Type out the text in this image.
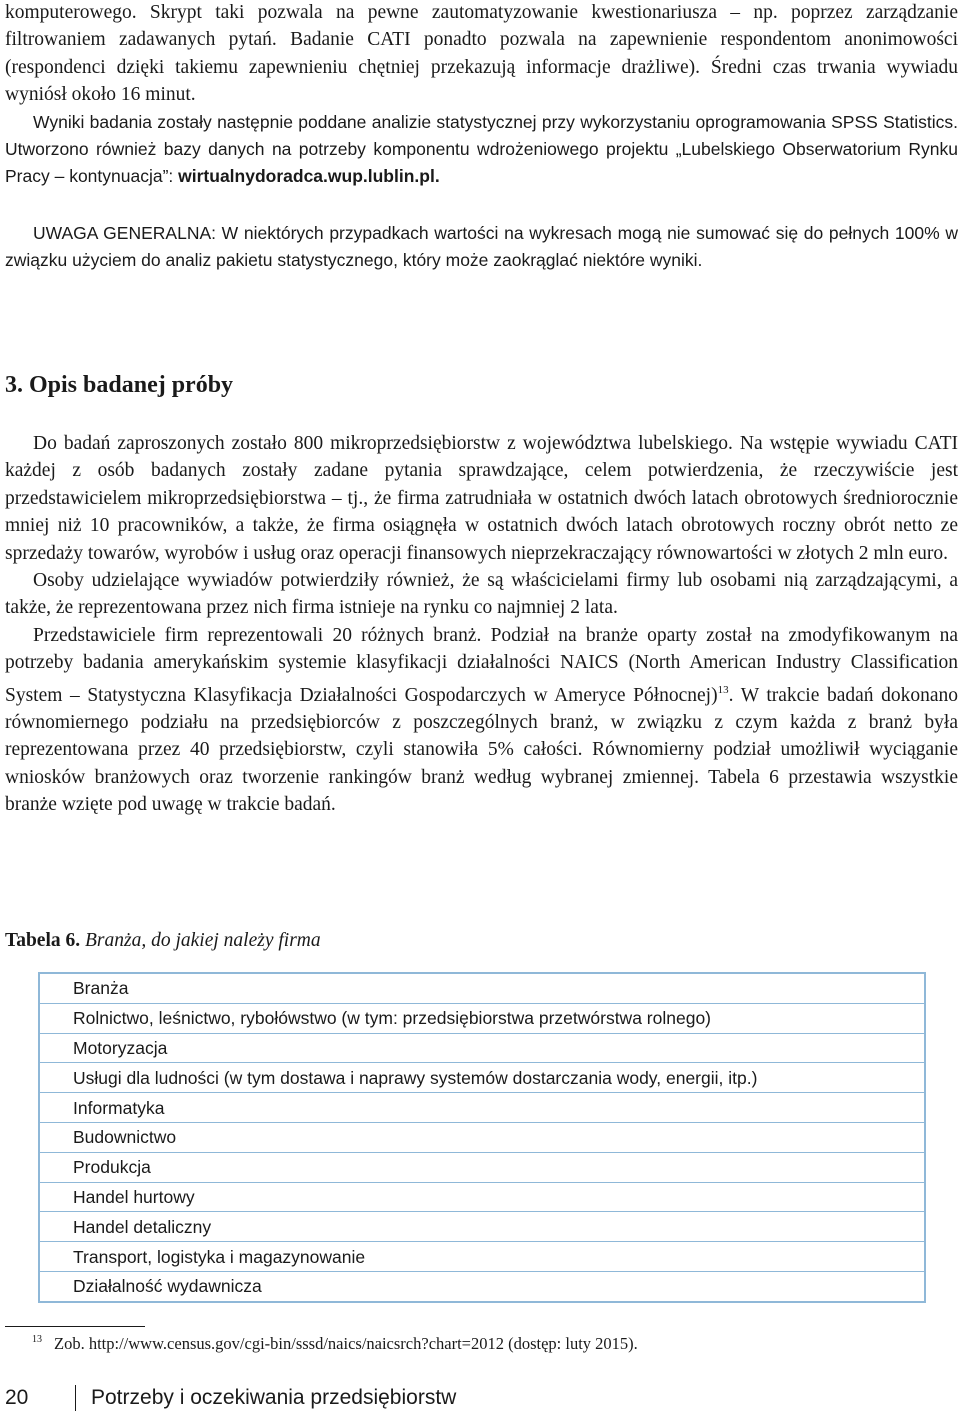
komputerowego. Skrypt taki pozwala na pewne zautomatyzowanie kwestionariusza – np. poprzez zarządzanie filtrowaniem zadawanych pytań. Badanie CATI ponadto pozwala na zapewnienie respondentom anonimowości (respondenci dzięki takiemu zapewnieniu chętniej przekazują informacje drażliwe). Średni czas trwania wywiadu wyniósł około 16 minut.

Wyniki badania zostały następnie poddane analizie statystycznej przy wykorzystaniu oprogramowania SPSS Statistics. Utworzono również bazy danych na potrzeby komponentu wdrożeniowego projektu „Lubelskiego Obserwatorium Rynku Pracy – kontynuacja”: wirtualnydoradca.wup.lublin.pl.

UWAGA GENERALNA: W niektórych przypadkach wartości na wykresach mogą nie sumować się do pełnych 100% w związku użyciem do analiz pakietu statystycznego, który może zaokrąglać niektóre wyniki.

3. Opis badanej próby

Do badań zaproszonych zostało 800 mikroprzedsiębiorstw z województwa lubelskiego. Na wstępie wywiadu CATI każdej z osób badanych zostały zadane pytania sprawdzające, celem potwierdzenia, że rzeczywiście jest przedstawicielem mikroprzedsiębiorstwa – tj., że firma zatrudniała w ostatnich dwóch latach obrotowych średniorocznie mniej niż 10 pracowników, a także, że firma osiągnęła w ostatnich dwóch latach obrotowych roczny obrót netto ze sprzedaży towarów, wyrobów i usług oraz operacji finansowych nieprzekraczający równowartości w złotych 2 mln euro.

Osoby udzielające wywiadów potwierdziły również, że są właścicielami firmy lub osobami nią zarządzającymi, a także, że reprezentowana przez nich firma istnieje na rynku co najmniej 2 lata.

Przedstawiciele firm reprezentowali 20 różnych branż. Podział na branże oparty został na zmodyfikowanym na potrzeby badania amerykańskim systemie klasyfikacji działalności NAICS (North American Industry Classification System – Statystyczna Klasyfikacja Działalności Gospodarczych w Ameryce Północnej)$^{13}$. W trakcie badań dokonano równomiernego podziału na przedsiębiorców z poszczególnych branż, w związku z czym każda z branż była reprezentowana przez 40 przedsiębiorstw, czyli stanowiła 5% całości. Równomierny podział umożliwił wyciąganie wniosków branżowych oraz tworzenie rankingów branż według wybranej zmiennej. Tabela 6 przestawia wszystkie branże wzięte pod uwagę w trakcie badań.

Tabela 6. Branża, do jakiej należy firma

Branża
Rolnictwo, leśnictwo, rybołówstwo (w tym: przedsiębiorstwa przetwórstwa rolnego)
Motoryzacja
Usługi dla ludności (w tym dostawa i naprawy systemów dostarczania wody, energii, itp.)
Informatyka
Budownictwo
Produkcja
Handel hurtowy
Handel detaliczny
Transport, logistyka i magazynowanie
Działalność wydawnicza

$^{13}$ Zob. http://www.census.gov/cgi-bin/sssd/naics/naicsrch?chart=2012 (dostęp: luty 2015).

20	Potrzeby i oczekiwania przedsiębiorstw
